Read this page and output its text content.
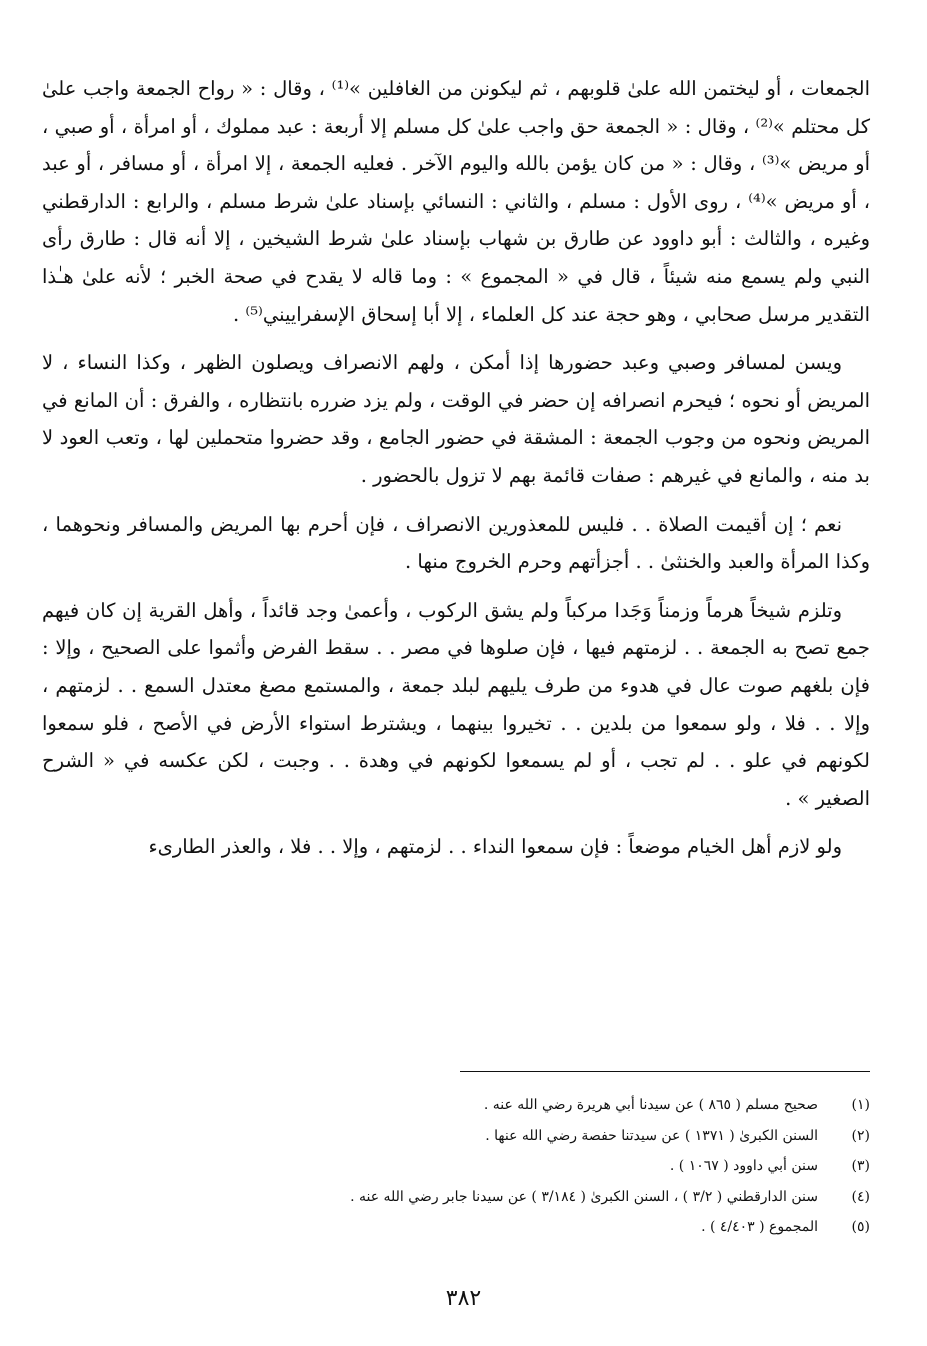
الجمعات ، أو ليختمن الله علىٰ قلوبهم ، ثم ليكونن من الغافلين »⁽¹⁾ ، وقال : « رواح الجمعة واجب علىٰ كل محتلم »⁽²⁾ ، وقال : « الجمعة حق واجب علىٰ كل مسلم إلا أربعة : عبد مملوك ، أو امرأة ، أو صبي ، أو مريض »⁽³⁾ ، وقال : « من كان يؤمن بالله واليوم الآخر . فعليه الجمعة ، إلا امرأة ، أو مسافر ، أو عبد ، أو مريض »⁽⁴⁾ ، روى الأول : مسلم ، والثاني : النسائي بإسناد علىٰ شرط مسلم ، والرابع : الدارقطني وغيره ، والثالث : أبو داوود عن طارق بن شهاب بإسناد علىٰ شرط الشيخين ، إلا أنه قال : طارق رأى النبي ولم يسمع منه شيئاً ، قال في « المجموع » : وما قاله لا يقدح في صحة الخبر ؛ لأنه علىٰ هـٰذا التقدير مرسل صحابي ، وهو حجة عند كل العلماء ، إلا أبا إسحاق الإسفراييني⁽⁵⁾ .

ويسن لمسافر وصبي وعبد حضورها إذا أمكن ، ولهم الانصراف ويصلون الظهر ، وكذا النساء ، لا المريض أو نحوه ؛ فيحرم انصرافه إن حضر في الوقت ، ولم يزد ضرره بانتظاره ، والفرق : أن المانع في المريض ونحوه من وجوب الجمعة : المشقة في حضور الجامع ، وقد حضروا متحملين لها ، وتعب العود لا بد منه ، والمانع في غيرهم : صفات قائمة بهم لا تزول بالحضور .

نعم ؛ إن أقيمت الصلاة . . فليس للمعذورين الانصراف ، فإن أحرم بها المريض والمسافر ونحوهما ، وكذا المرأة والعبد والخنثىٰ . . أجزأتهم وحرم الخروج منها .

وتلزم شيخاً هرماً وزمناً وَجَدا مركباً ولم يشق الركوب ، وأعمىٰ وجد قائداً ، وأهل القرية إن كان فيهم جمع تصح به الجمعة . . لزمتهم فيها ، فإن صلوها في مصر . . سقط الفرض وأثموا على الصحيح ، وإلا : فإن بلغهم صوت عال في هدوء من طرف يليهم لبلد جمعة ، والمستمع مصغ معتدل السمع . . لزمتهم ، وإلا . . فلا ، ولو سمعوا من بلدين . . تخيروا بينهما ، ويشترط استواء الأرض في الأصح ، فلو سمعوا لكونهم في علو . . لم تجب ، أو لم يسمعوا لكونهم في وهدة . . وجبت ، لكن عكسه في « الشرح الصغير » .

ولو لازم أهل الخيام موضعاً : فإن سمعوا النداء . . لزمتهم ، وإلا . . فلا ، والعذر الطارىء

(١)
صحيح مسلم ( ٨٦٥ ) عن سيدنا أبي هريرة رضي الله عنه .
(٢)
السنن الكبرىٰ ( ١٣٧١ ) عن سيدتنا حفصة رضي الله عنها .
(٣)
سنن أبي داوود ( ١٠٦٧ ) .
(٤)
سنن الدارقطني ( ٣/٢ ) ، السنن الكبرىٰ ( ٣/١٨٤ ) عن سيدنا جابر رضي الله عنه .
(٥)
المجموع ( ٤/٤٠٣ ) .
٣٨٢
